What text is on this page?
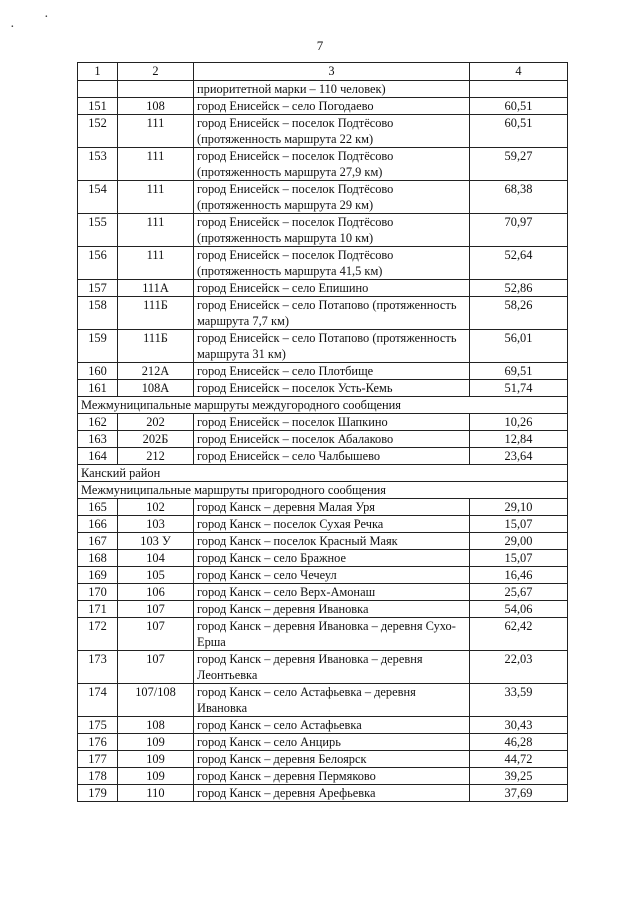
·
·
7
1	2	3	4
		приоритетной марки – 110 человек)	
151	108	город Енисейск – село Погодаево	60,51
152	111	город Енисейск – поселок Подтёсово (протяженность маршрута 22 км)	60,51
153	111	город Енисейск – поселок Подтёсово (протяженность маршрута 27,9 км)	59,27
154	111	город Енисейск – поселок Подтёсово (протяженность маршрута 29 км)	68,38
155	111	город Енисейск – поселок Подтёсово (протяженность маршрута 10 км)	70,97
156	111	город Енисейск – поселок Подтёсово (протяженность маршрута 41,5 км)	52,64
157	111А	город Енисейск – село Епишино	52,86
158	111Б	город Енисейск – село Потапово (протяженность маршрута 7,7 км)	58,26
159	111Б	город Енисейск – село Потапово (протяженность маршрута 31 км)	56,01
160	212А	город Енисейск – село Плотбище	69,51
161	108А	город Енисейск – поселок Усть-Кемь	51,74
Межмуниципальные маршруты междугородного сообщения			
162	202	город Енисейск – поселок Шапкино	10,26
163	202Б	город Енисейск – поселок Абалаково	12,84
164	212	город Енисейск – село Чалбышево	23,64
Канский район			
Межмуниципальные маршруты пригородного сообщения			
165	102	город Канск – деревня Малая Уря	29,10
166	103	город Канск – поселок Сухая Речка	15,07
167	103 У	город Канск – поселок Красный Маяк	29,00
168	104	город Канск – село Бражное	15,07
169	105	город Канск – село Чечеул	16,46
170	106	город Канск – село Верх-Амонаш	25,67
171	107	город Канск – деревня Ивановка	54,06
172	107	город Канск – деревня Ивановка – деревня Сухо-Ерша	62,42
173	107	город Канск – деревня Ивановка – деревня Леонтьевка	22,03
174	107/108	город Канск – село Астафьевка – деревня Ивановка	33,59
175	108	город Канск – село Астафьевка	30,43
176	109	город Канск – село Анцирь	46,28
177	109	город Канск – деревня Белоярск	44,72
178	109	город Канск – деревня Пермяково	39,25
179	110	город Канск – деревня Арефьевка	37,69
